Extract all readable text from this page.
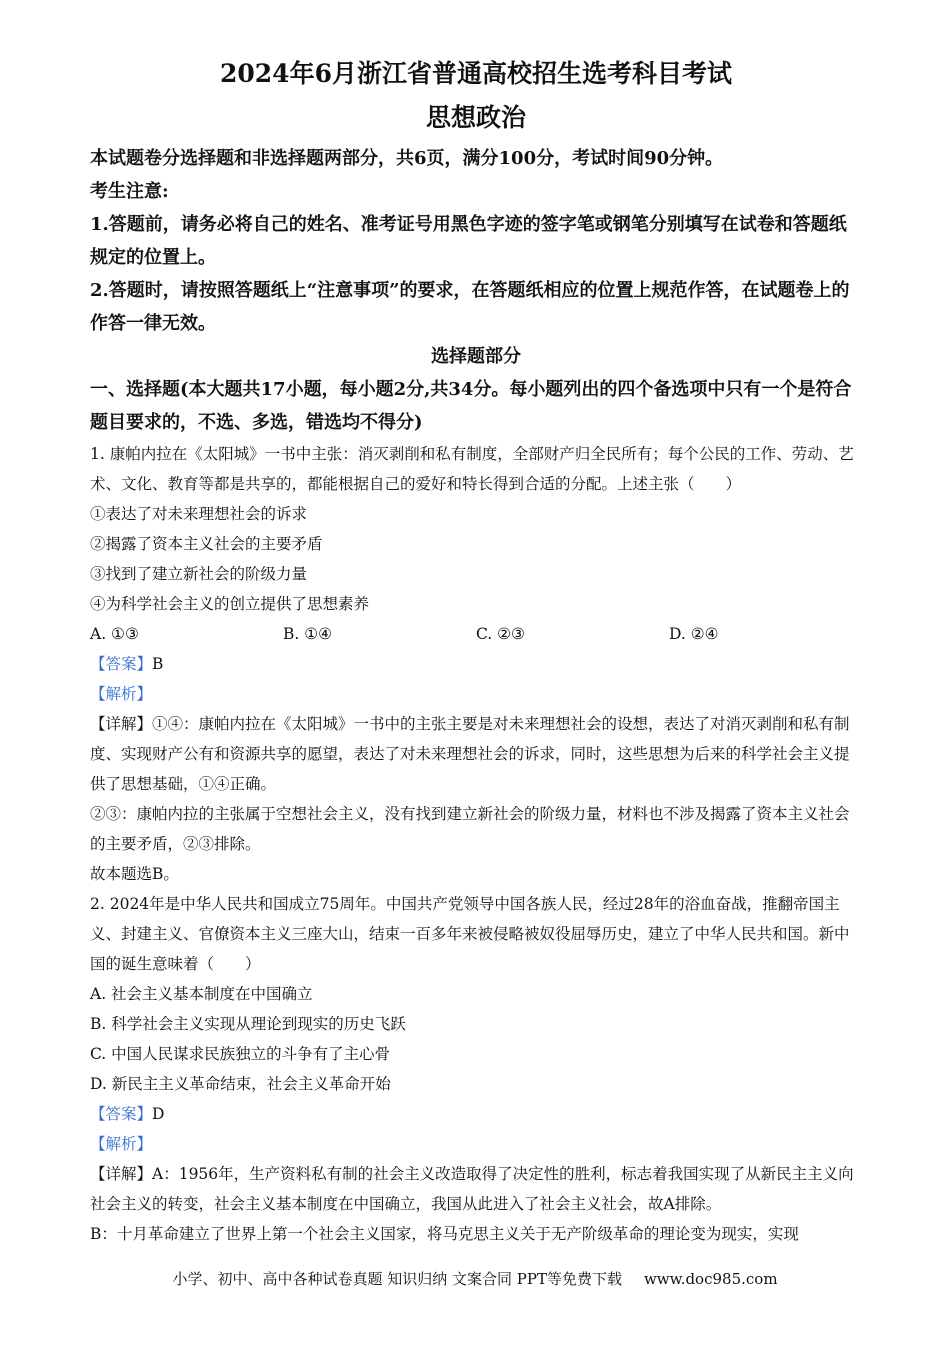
2024年6月浙江省普通高校招生选考科目考试
思想政治

本试题卷分选择题和非选择题两部分，共6页，满分100分，考试时间90分钟。

考生注意:

1.答题前，请务必将自己的姓名、准考证号用黑色字迹的签字笔或钢笔分别填写在试卷和答题纸规定的位置上。

2.答题时，请按照答题纸上“注意事项”的要求，在答题纸相应的位置上规范作答，在试题卷上的作答一律无效。

选择题部分

一、选择题(本大题共17小题，每小题2分,共34分。每小题列出的四个备选项中只有一个是符合题目要求的，不选、多选，错选均不得分)

1. 康帕内拉在《太阳城》一书中主张：消灭剥削和私有制度，全部财产归全民所有；每个公民的工作、劳动、艺术、文化、教育等都是共享的，都能根据自己的爱好和特长得到合适的分配。上述主张（　　）

①表达了对未来理想社会的诉求

②揭露了资本主义社会的主要矛盾

③找到了建立新社会的阶级力量

④为科学社会主义的创立提供了思想素养

A. ①③	B. ①④	C. ②③	D. ②④

【答案】B

【解析】

【详解】①④：康帕内拉在《太阳城》一书中的主张主要是对未来理想社会的设想，表达了对消灭剥削和私有制度、实现财产公有和资源共享的愿望，表达了对未来理想社会的诉求，同时，这些思想为后来的科学社会主义提供了思想基础，①④正确。

②③：康帕内拉的主张属于空想社会主义，没有找到建立新社会的阶级力量，材料也不涉及揭露了资本主义社会的主要矛盾，②③排除。

故本题选B。

2. 2024年是中华人民共和国成立75周年。中国共产党领导中国各族人民，经过28年的浴血奋战，推翻帝国主义、封建主义、官僚资本主义三座大山，结束一百多年来被侵略被奴役屈辱历史，建立了中华人民共和国。新中国的诞生意味着（　　）

A. 社会主义基本制度在中国确立

B. 科学社会主义实现从理论到现实的历史飞跃

C. 中国人民谋求民族独立的斗争有了主心骨

D. 新民主主义革命结束，社会主义革命开始

【答案】D

【解析】

【详解】A：1956年，生产资料私有制的社会主义改造取得了决定性的胜利，标志着我国实现了从新民主主义向社会主义的转变，社会主义基本制度在中国确立，我国从此进入了社会主义社会，故A排除。

B：十月革命建立了世界上第一个社会主义国家，将马克思主义关于无产阶级革命的理论变为现实，实现

小学、初中、高中各种试卷真题 知识归纳 文案合同 PPT等免费下载 www.doc985.com
